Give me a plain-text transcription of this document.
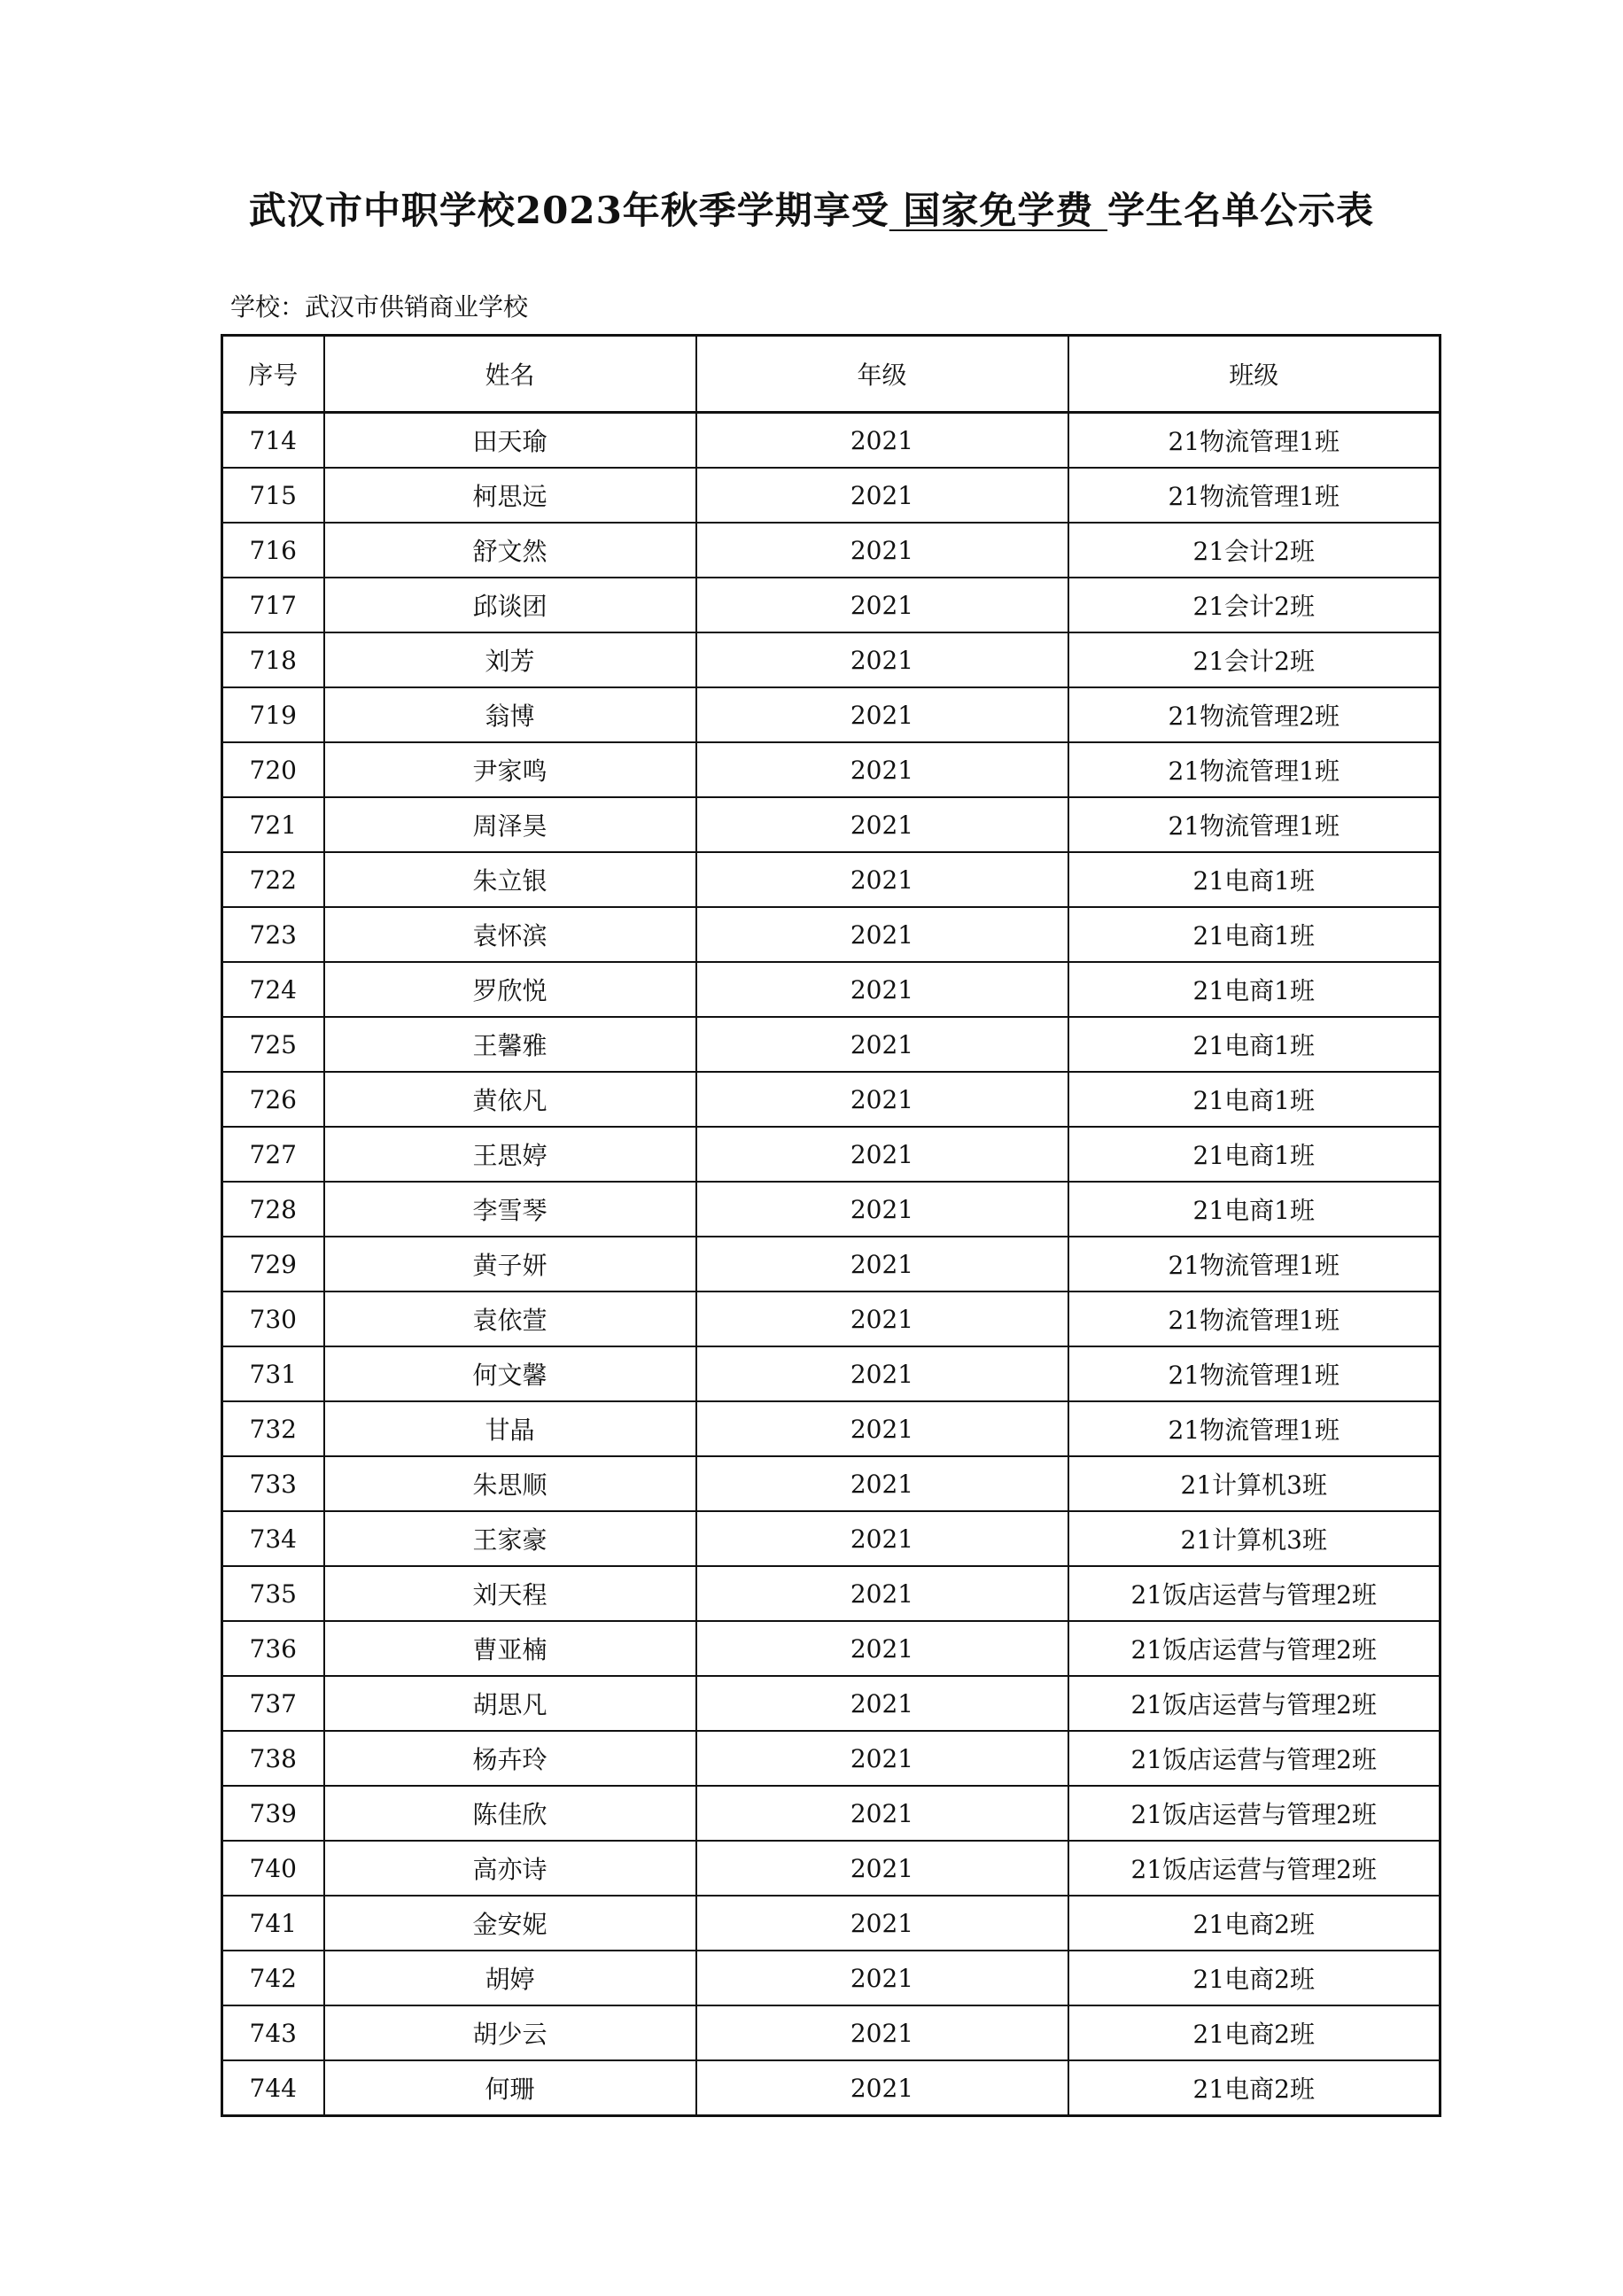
武汉市中职学校2023年秋季学期享受 国家免学费 学生名单公示表
学校：武汉市供销商业学校
序号	姓名	年级	班级
714	田天瑜	2021	21物流管理1班
715	柯思远	2021	21物流管理1班
716	舒文然	2021	21会计2班
717	邱谈团	2021	21会计2班
718	刘芳	2021	21会计2班
719	翁博	2021	21物流管理2班
720	尹家鸣	2021	21物流管理1班
721	周泽昊	2021	21物流管理1班
722	朱立银	2021	21电商1班
723	袁怀滨	2021	21电商1班
724	罗欣悦	2021	21电商1班
725	王馨雅	2021	21电商1班
726	黄依凡	2021	21电商1班
727	王思婷	2021	21电商1班
728	李雪琴	2021	21电商1班
729	黄子妍	2021	21物流管理1班
730	袁依萱	2021	21物流管理1班
731	何文馨	2021	21物流管理1班
732	甘晶	2021	21物流管理1班
733	朱思顺	2021	21计算机3班
734	王家豪	2021	21计算机3班
735	刘天程	2021	21饭店运营与管理2班
736	曹亚楠	2021	21饭店运营与管理2班
737	胡思凡	2021	21饭店运营与管理2班
738	杨卉玲	2021	21饭店运营与管理2班
739	陈佳欣	2021	21饭店运营与管理2班
740	高亦诗	2021	21饭店运营与管理2班
741	金安妮	2021	21电商2班
742	胡婷	2021	21电商2班
743	胡少云	2021	21电商2班
744	何珊	2021	21电商2班
